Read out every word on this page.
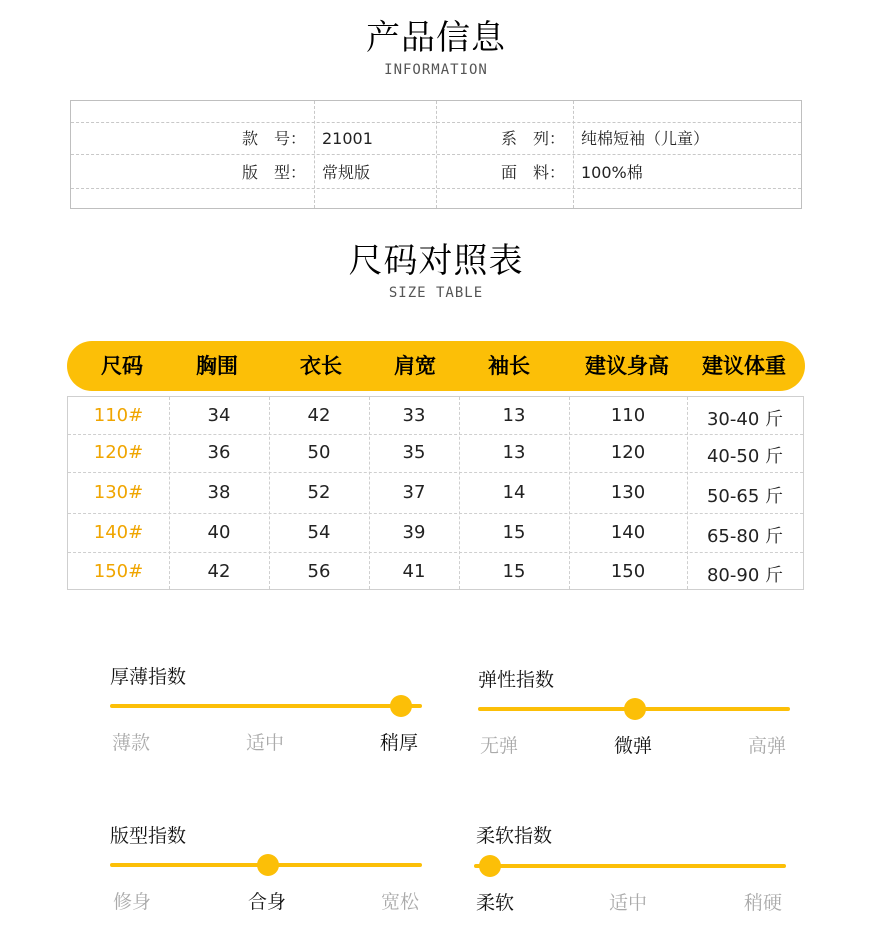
产品信息
INFORMATION
款　号： 21001	系　列： 纯棉短袖（儿童）
版　型： 常规版	面　料： 100%棉
尺码对照表
SIZE TABLE
尺码	胸围	衣长	肩宽	袖长	建议身高	建议体重
110#	34	42	33	13	110	30-40 斤
120#	36	50	35	13	120	40-50 斤
130#	38	52	37	14	130	50-65 斤
140#	40	54	39	15	140	65-80 斤
150#	42	56	41	15	150	80-90 斤
厚薄指数
薄款	适中	稍厚
弹性指数
无弹	微弹	高弹
版型指数
修身	合身	宽松
柔软指数
柔软	适中	稍硬
